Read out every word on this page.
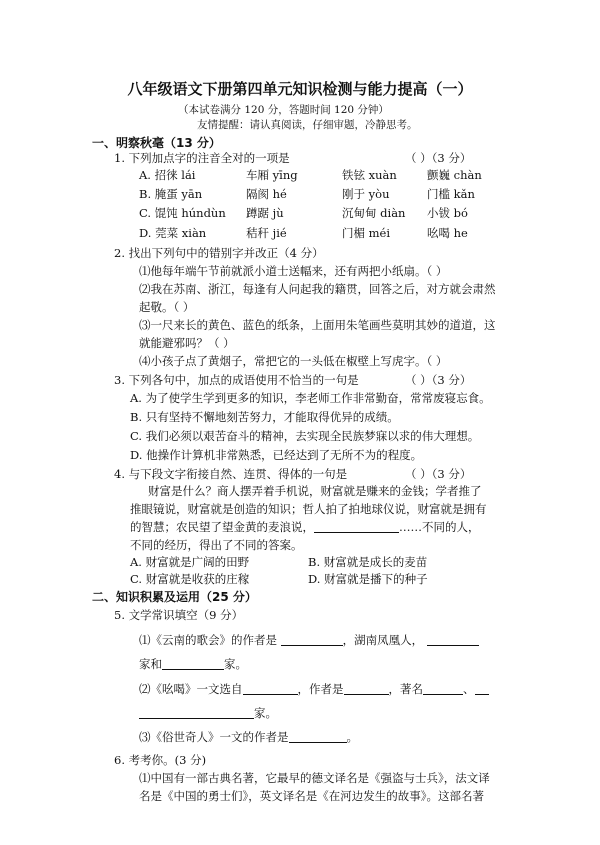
八年级语文下册第四单元知识检测与能力提高（一）
（本试卷满分 120 分，答题时间 120 分钟）
友情提醒：请认真阅读，仔细审题，冷静思考。
一、明察秋毫（13 分）
1. 下列加点字的注音全对的一项是	（ ）（3 分）
A. 招徕 lái	车厢 yīng	铁铉 xuàn	颤巍 chàn
B. 腌蛋 yān	隔阂 hé	刚于 yòu	门槛 kǎn
C. 馄饨 húndùn 蹲踞 jù	沉甸甸 diàn 小钹 bó
D. 莞菜 xiàn	秸秆 jié	门楣 méi	吆喝 he
2. 找出下列句中的错别字并改正（4 分）
⑴他每年端午节前就派小道士送幅来，还有两把小纸扇。（ ）
⑵我在苏南、浙江，每逢有人问起我的籍贯，回答之后，对方就会肃然
起敬。（ ）
⑶一尺来长的黄色、蓝色的纸条，上面用朱笔画些莫明其妙的道道，这
就能避邪吗？（ ）
⑷小孩子点了黄烟子，常把它的一头低在椒壁上写虎字。（ ）
3. 下列各句中，加点的成语使用不恰当的一句是	（ ）（3 分）
A. 为了使学生学到更多的知识，李老师工作非常勤奋，常常废寝忘食。
B. 只有坚持不懈地刻苦努力，才能取得优异的成绩。
C. 我们必须以艰苦奋斗的精神，去实现全民族梦寐以求的伟大理想。
D. 他操作计算机非常熟悉，已经达到了无所不为的程度。
4. 与下段文字衔接自然、连贯、得体的一句是	（ ）（3 分）
财富是什么？商人摆弄着手机说，财富就是赚来的金钱；学者推了
推眼镜说，财富就是创造的知识；哲人拍了拍地球仪说，财富就是拥有
的智慧；农民望了望金黄的麦浪说，	……不同的人，
不同的经历，得出了不同的答案。
A. 财富就是广阔的田野	B. 财富就是成长的麦苗
C. 财富就是收获的庄稼	D. 财富就是播下的种子
二、知识积累及运用（25 分）
5. 文学常识填空（9 分）
⑴《云南的歌会》的作者是	，湖南凤凰人，
家和	家。
⑵《吆喝》一文选自	，作者是	，著名	、
家。
⑶《俗世奇人》一文的作者是	。
6. 考考你。(3 分)
⑴中国有一部古典名著，它最早的德文译名是《强盗与士兵》，法文译
名是《中国的勇士们》，英文译名是《在河边发生的故事》。这部名著
